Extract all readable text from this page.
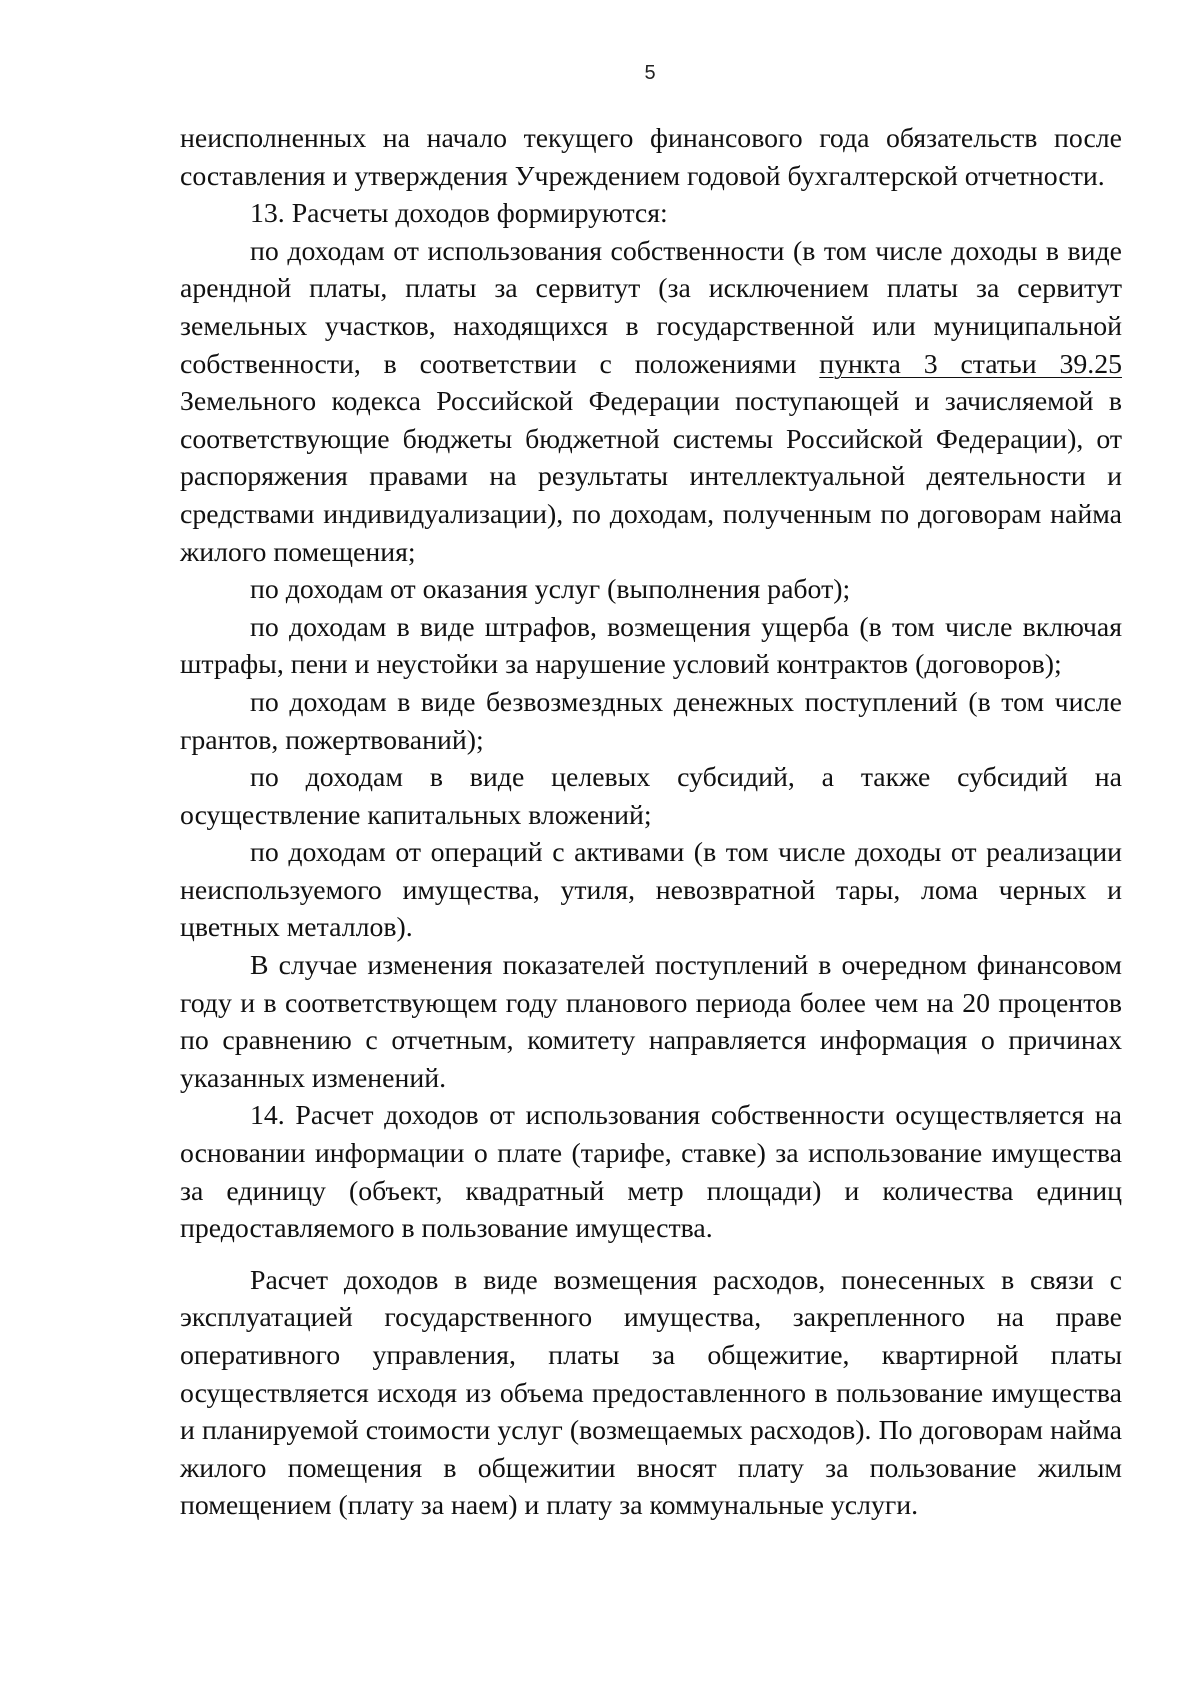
5

неисполненных на начало текущего финансового года обязательств после составления и утверждения Учреждением годовой бухгалтерской отчетности.

13. Расчеты доходов формируются:

по доходам от использования собственности (в том числе доходы в виде арендной платы, платы за сервитут (за исключением платы за сервитут земельных участков, находящихся в государственной или муниципальной собственности, в соответствии с положениями пункта 3 статьи 39.25 Земельного кодекса Российской Федерации поступающей и зачисляемой в соответствующие бюджеты бюджетной системы Российской Федерации), от распоряжения правами на результаты интеллектуальной деятельности и средствами индивидуализации), по доходам, полученным по договорам найма жилого помещения;

по доходам от оказания услуг (выполнения работ);

по доходам в виде штрафов, возмещения ущерба (в том числе включая штрафы, пени и неустойки за нарушение условий контрактов (договоров);

по доходам в виде безвозмездных денежных поступлений (в том числе грантов, пожертвований);

по доходам в виде целевых субсидий, а также субсидий на осуществление капитальных вложений;

по доходам от операций с активами (в том числе доходы от реализации неиспользуемого имущества, утиля, невозвратной тары, лома черных и цветных металлов).

В случае изменения показателей поступлений в очередном финансовом году и в соответствующем году планового периода более чем на 20 процентов по сравнению с отчетным, комитету направляется информация о причинах указанных изменений.

14. Расчет доходов от использования собственности осуществляется на основании информации о плате (тарифе, ставке) за использование имущества за единицу (объект, квадратный метр площади) и количества единиц предоставляемого в пользование имущества.

Расчет доходов в виде возмещения расходов, понесенных в связи с эксплуатацией государственного имущества, закрепленного на праве оперативного управления, платы за общежитие, квартирной платы осуществляется исходя из объема предоставленного в пользование имущества и планируемой стоимости услуг (возмещаемых расходов). По договорам найма жилого помещения в общежитии вносят плату за пользование жилым помещением (плату за наем) и плату за коммунальные услуги.
